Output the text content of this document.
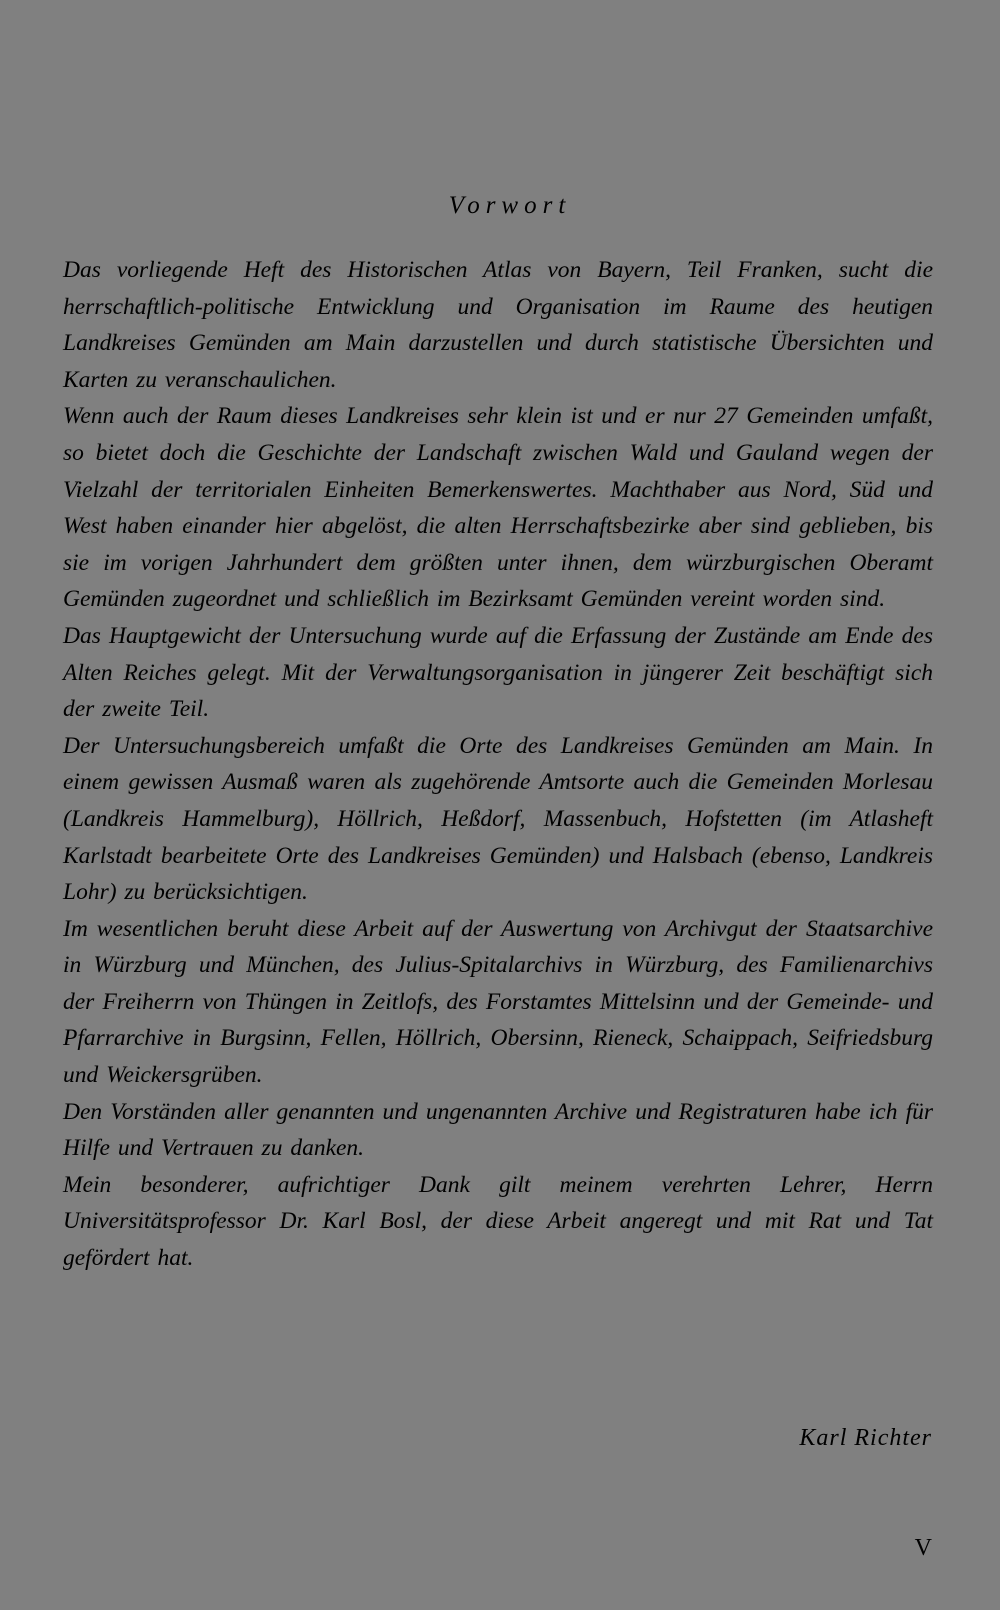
Vorwort

Das vorliegende Heft des Historischen Atlas von Bayern, Teil Franken, sucht die herrschaftlich-politische Entwicklung und Organisation im Raume des heutigen Landkreises Gemünden am Main darzustellen und durch statistische Übersichten und Karten zu veranschaulichen.

Wenn auch der Raum dieses Landkreises sehr klein ist und er nur 27 Gemeinden umfaßt, so bietet doch die Geschichte der Landschaft zwischen Wald und Gauland wegen der Vielzahl der territorialen Einheiten Bemerkenswertes. Machthaber aus Nord, Süd und West haben einander hier abgelöst, die alten Herrschaftsbezirke aber sind geblieben, bis sie im vorigen Jahrhundert dem größten unter ihnen, dem würzburgischen Oberamt Gemünden zugeordnet und schließlich im Bezirksamt Gemünden vereint worden sind.

Das Hauptgewicht der Untersuchung wurde auf die Erfassung der Zustände am Ende des Alten Reiches gelegt. Mit der Verwaltungsorganisation in jüngerer Zeit beschäftigt sich der zweite Teil.

Der Untersuchungsbereich umfaßt die Orte des Landkreises Gemünden am Main. In einem gewissen Ausmaß waren als zugehörende Amtsorte auch die Gemeinden Morlesau (Landkreis Hammelburg), Höllrich, Heßdorf, Massenbuch, Hofstetten (im Atlasheft Karlstadt bearbeitete Orte des Landkreises Gemünden) und Halsbach (ebenso, Landkreis Lohr) zu berücksichtigen.

Im wesentlichen beruht diese Arbeit auf der Auswertung von Archivgut der Staatsarchive in Würzburg und München, des Julius-Spitalarchivs in Würzburg, des Familienarchivs der Freiherrn von Thüngen in Zeitlofs, des Forstamtes Mittelsinn und der Gemeinde- und Pfarrarchive in Burgsinn, Fellen, Höllrich, Obersinn, Rieneck, Schaippach, Seifriedsburg und Weickersgrüben.

Den Vorständen aller genannten und ungenannten Archive und Registraturen habe ich für Hilfe und Vertrauen zu danken.

Mein besonderer, aufrichtiger Dank gilt meinem verehrten Lehrer, Herrn Universitätsprofessor Dr. Karl Bosl, der diese Arbeit angeregt und mit Rat und Tat gefördert hat.

Karl Richter
V
